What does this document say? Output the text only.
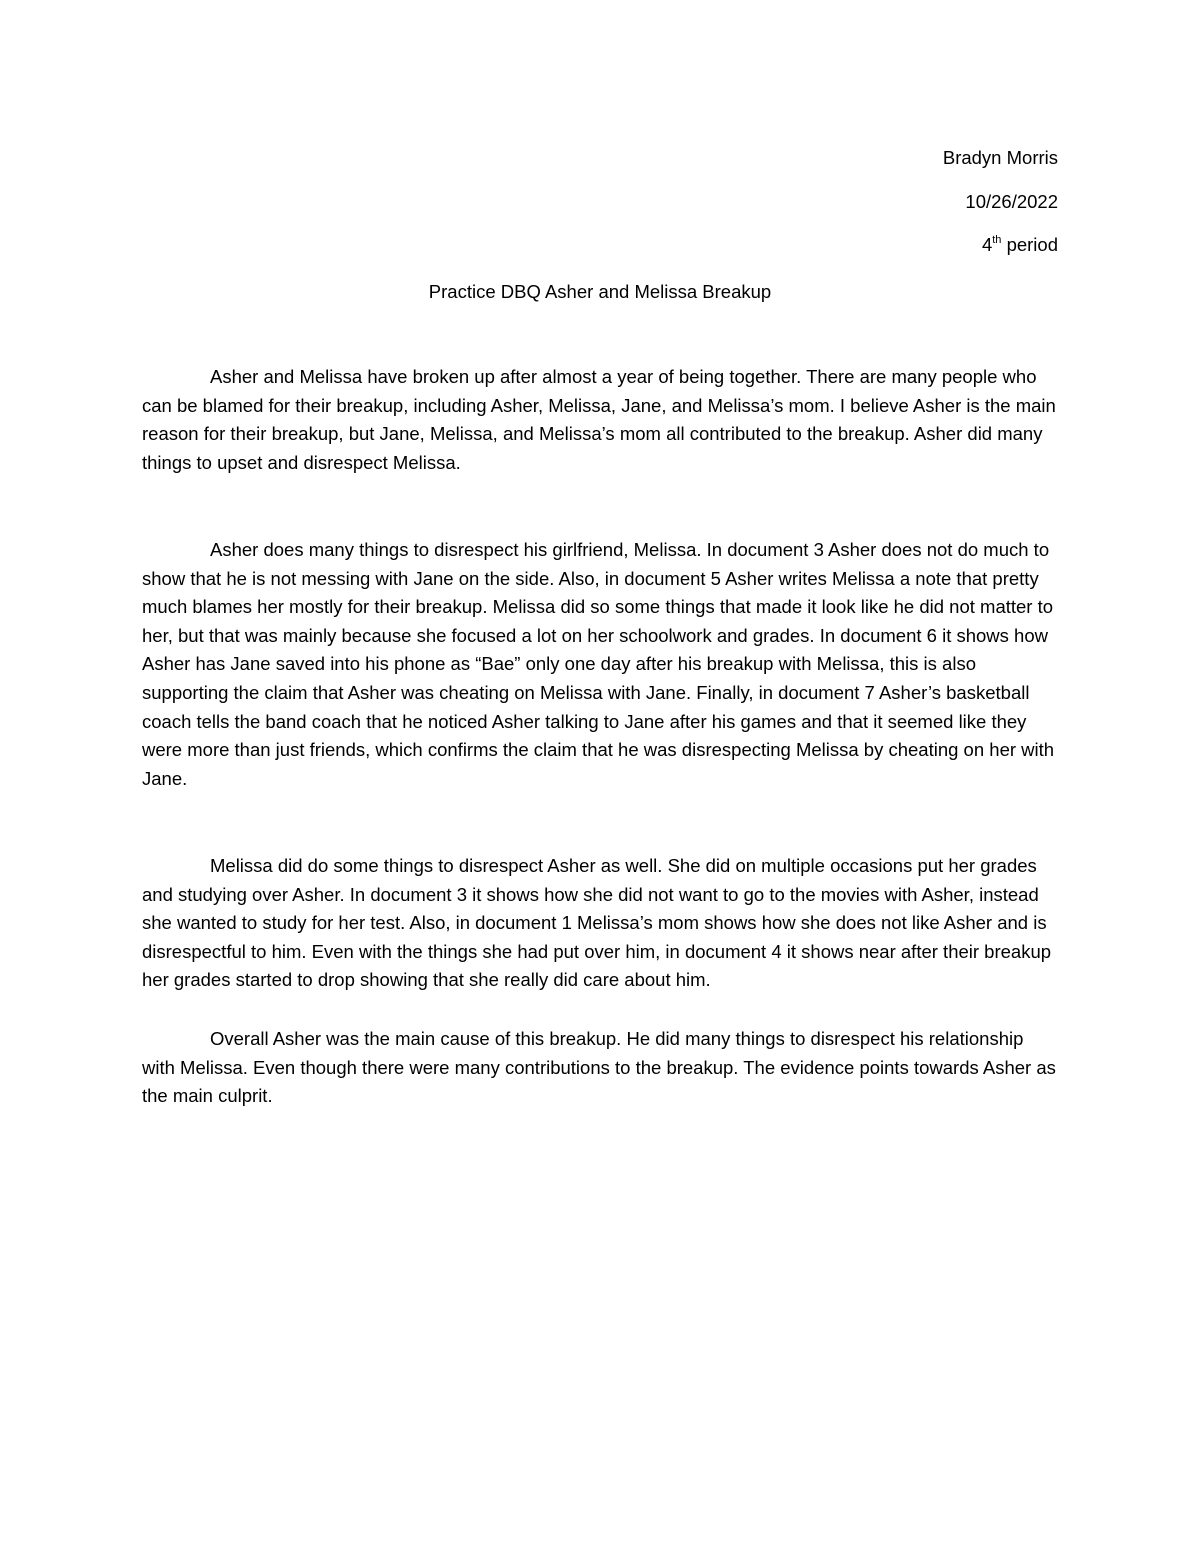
Bradyn Morris

10/26/2022

4th period

Practice DBQ Asher and Melissa Breakup

Asher and Melissa have broken up after almost a year of being together. There are many people who can be blamed for their breakup, including Asher, Melissa, Jane, and Melissa’s mom. I believe Asher is the main reason for their breakup, but Jane, Melissa, and Melissa’s mom all contributed to the breakup. Asher did many things to upset and disrespect Melissa.

Asher does many things to disrespect his girlfriend, Melissa. In document 3 Asher does not do much to show that he is not messing with Jane on the side. Also, in document 5 Asher writes Melissa a note that pretty much blames her mostly for their breakup. Melissa did so some things that made it look like he did not matter to her, but that was mainly because she focused a lot on her schoolwork and grades. In document 6 it shows how Asher has Jane saved into his phone as “Bae” only one day after his breakup with Melissa, this is also supporting the claim that Asher was cheating on Melissa with Jane. Finally, in document 7 Asher’s basketball coach tells the band coach that he noticed Asher talking to Jane after his games and that it seemed like they were more than just friends, which confirms the claim that he was disrespecting Melissa by cheating on her with Jane.

Melissa did do some things to disrespect Asher as well. She did on multiple occasions put her grades and studying over Asher. In document 3 it shows how she did not want to go to the movies with Asher, instead she wanted to study for her test. Also, in document 1 Melissa’s mom shows how she does not like Asher and is disrespectful to him. Even with the things she had put over him, in document 4 it shows near after their breakup her grades started to drop showing that she really did care about him.

Overall Asher was the main cause of this breakup. He did many things to disrespect his relationship with Melissa. Even though there were many contributions to the breakup. The evidence points towards Asher as the main culprit.
